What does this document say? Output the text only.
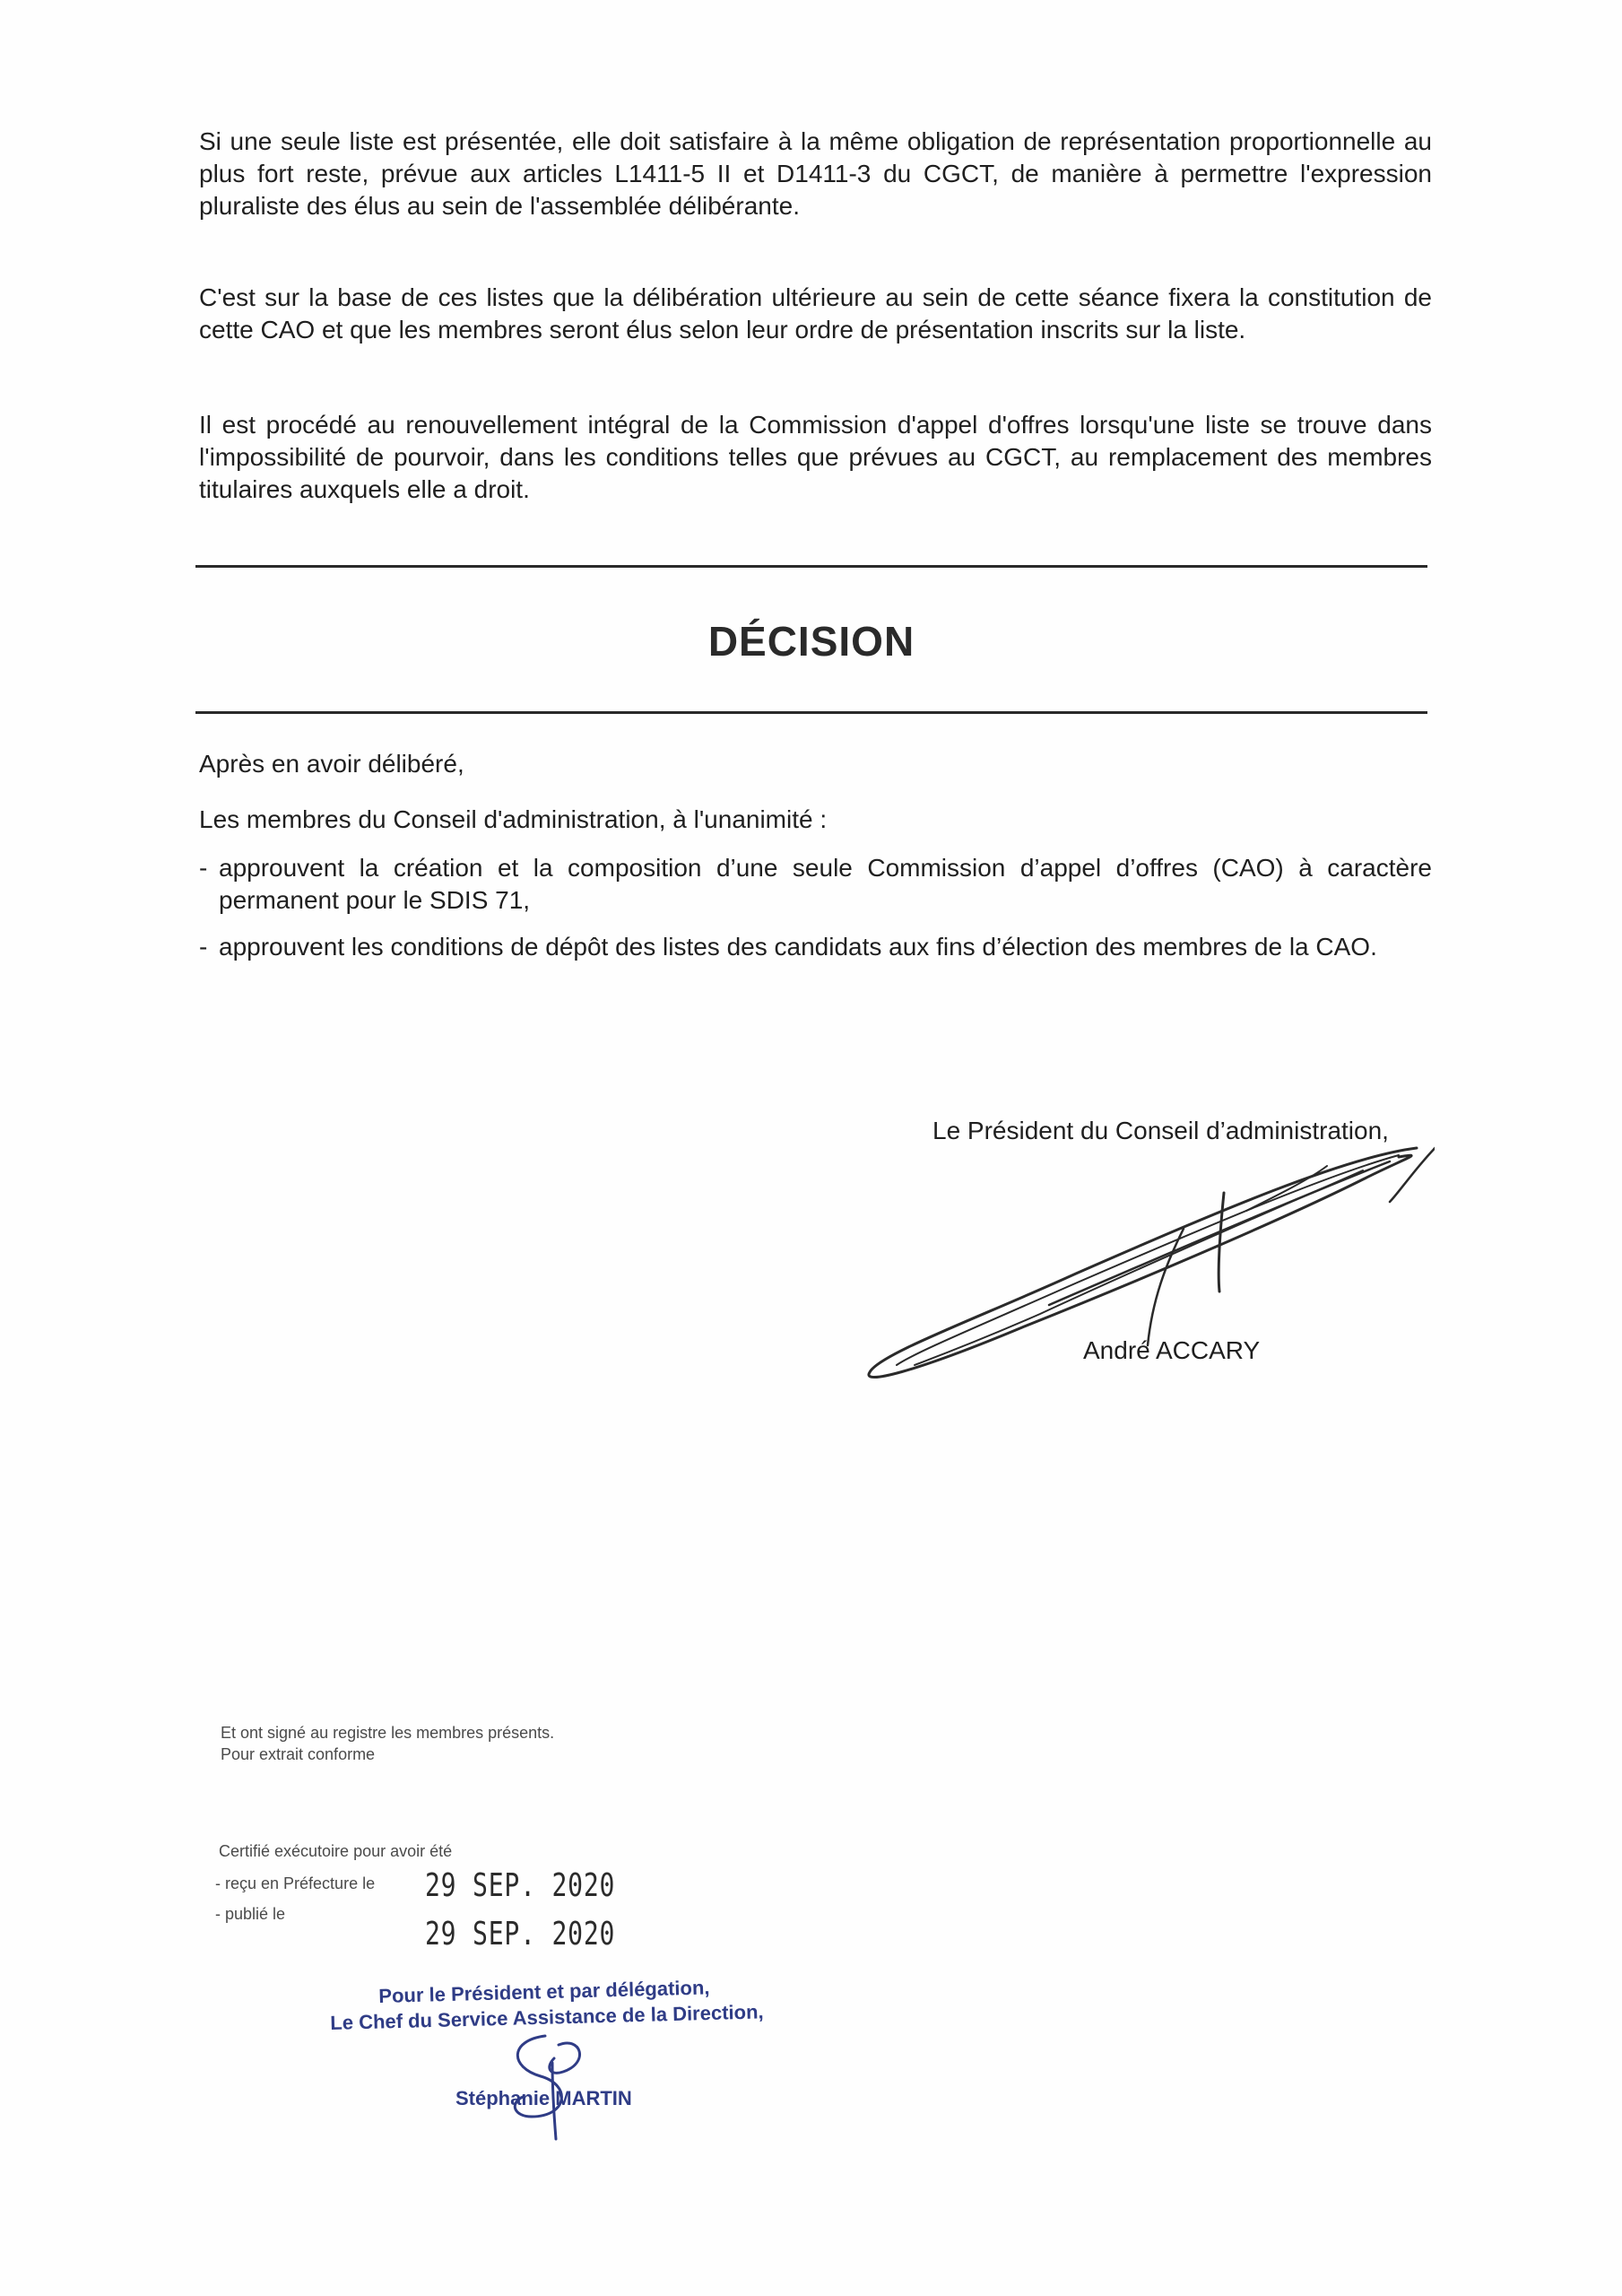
Si une seule liste est présentée, elle doit satisfaire à la même obligation de représentation proportionnelle au plus fort reste, prévue aux articles L1411-5 II et D1411-3 du CGCT, de manière à permettre l'expression pluraliste des élus au sein de l'assemblée délibérante.

C'est sur la base de ces listes que la délibération ultérieure au sein de cette séance fixera la constitution de cette CAO et que les membres seront élus selon leur ordre de présentation inscrits sur la liste.

Il est procédé au renouvellement intégral de la Commission d'appel d'offres lorsqu'une liste se trouve dans l'impossibilité de pourvoir, dans les conditions telles que prévues au CGCT, au remplacement des membres titulaires auxquels elle a droit.

DÉCISION

Après en avoir délibéré,

Les membres du Conseil d'administration, à l'unanimité :

- approuvent la création et la composition d’une seule Commission d’appel d’offres (CAO) à caractère permanent pour le SDIS 71,
- approuvent les conditions de dépôt des listes des candidats aux fins d’élection des membres de la CAO.

Le Président du Conseil d’administration,

André ACCARY

Et ont signé au registre les membres présents.

Pour extrait conforme

Certifié exécutoire pour avoir été

- reçu en Préfecture le

- publié le

29 SEP. 2020

29 SEP. 2020

Pour le Président et par délégation,

Le Chef du Service Assistance de la Direction,

Stéphanie MARTIN
